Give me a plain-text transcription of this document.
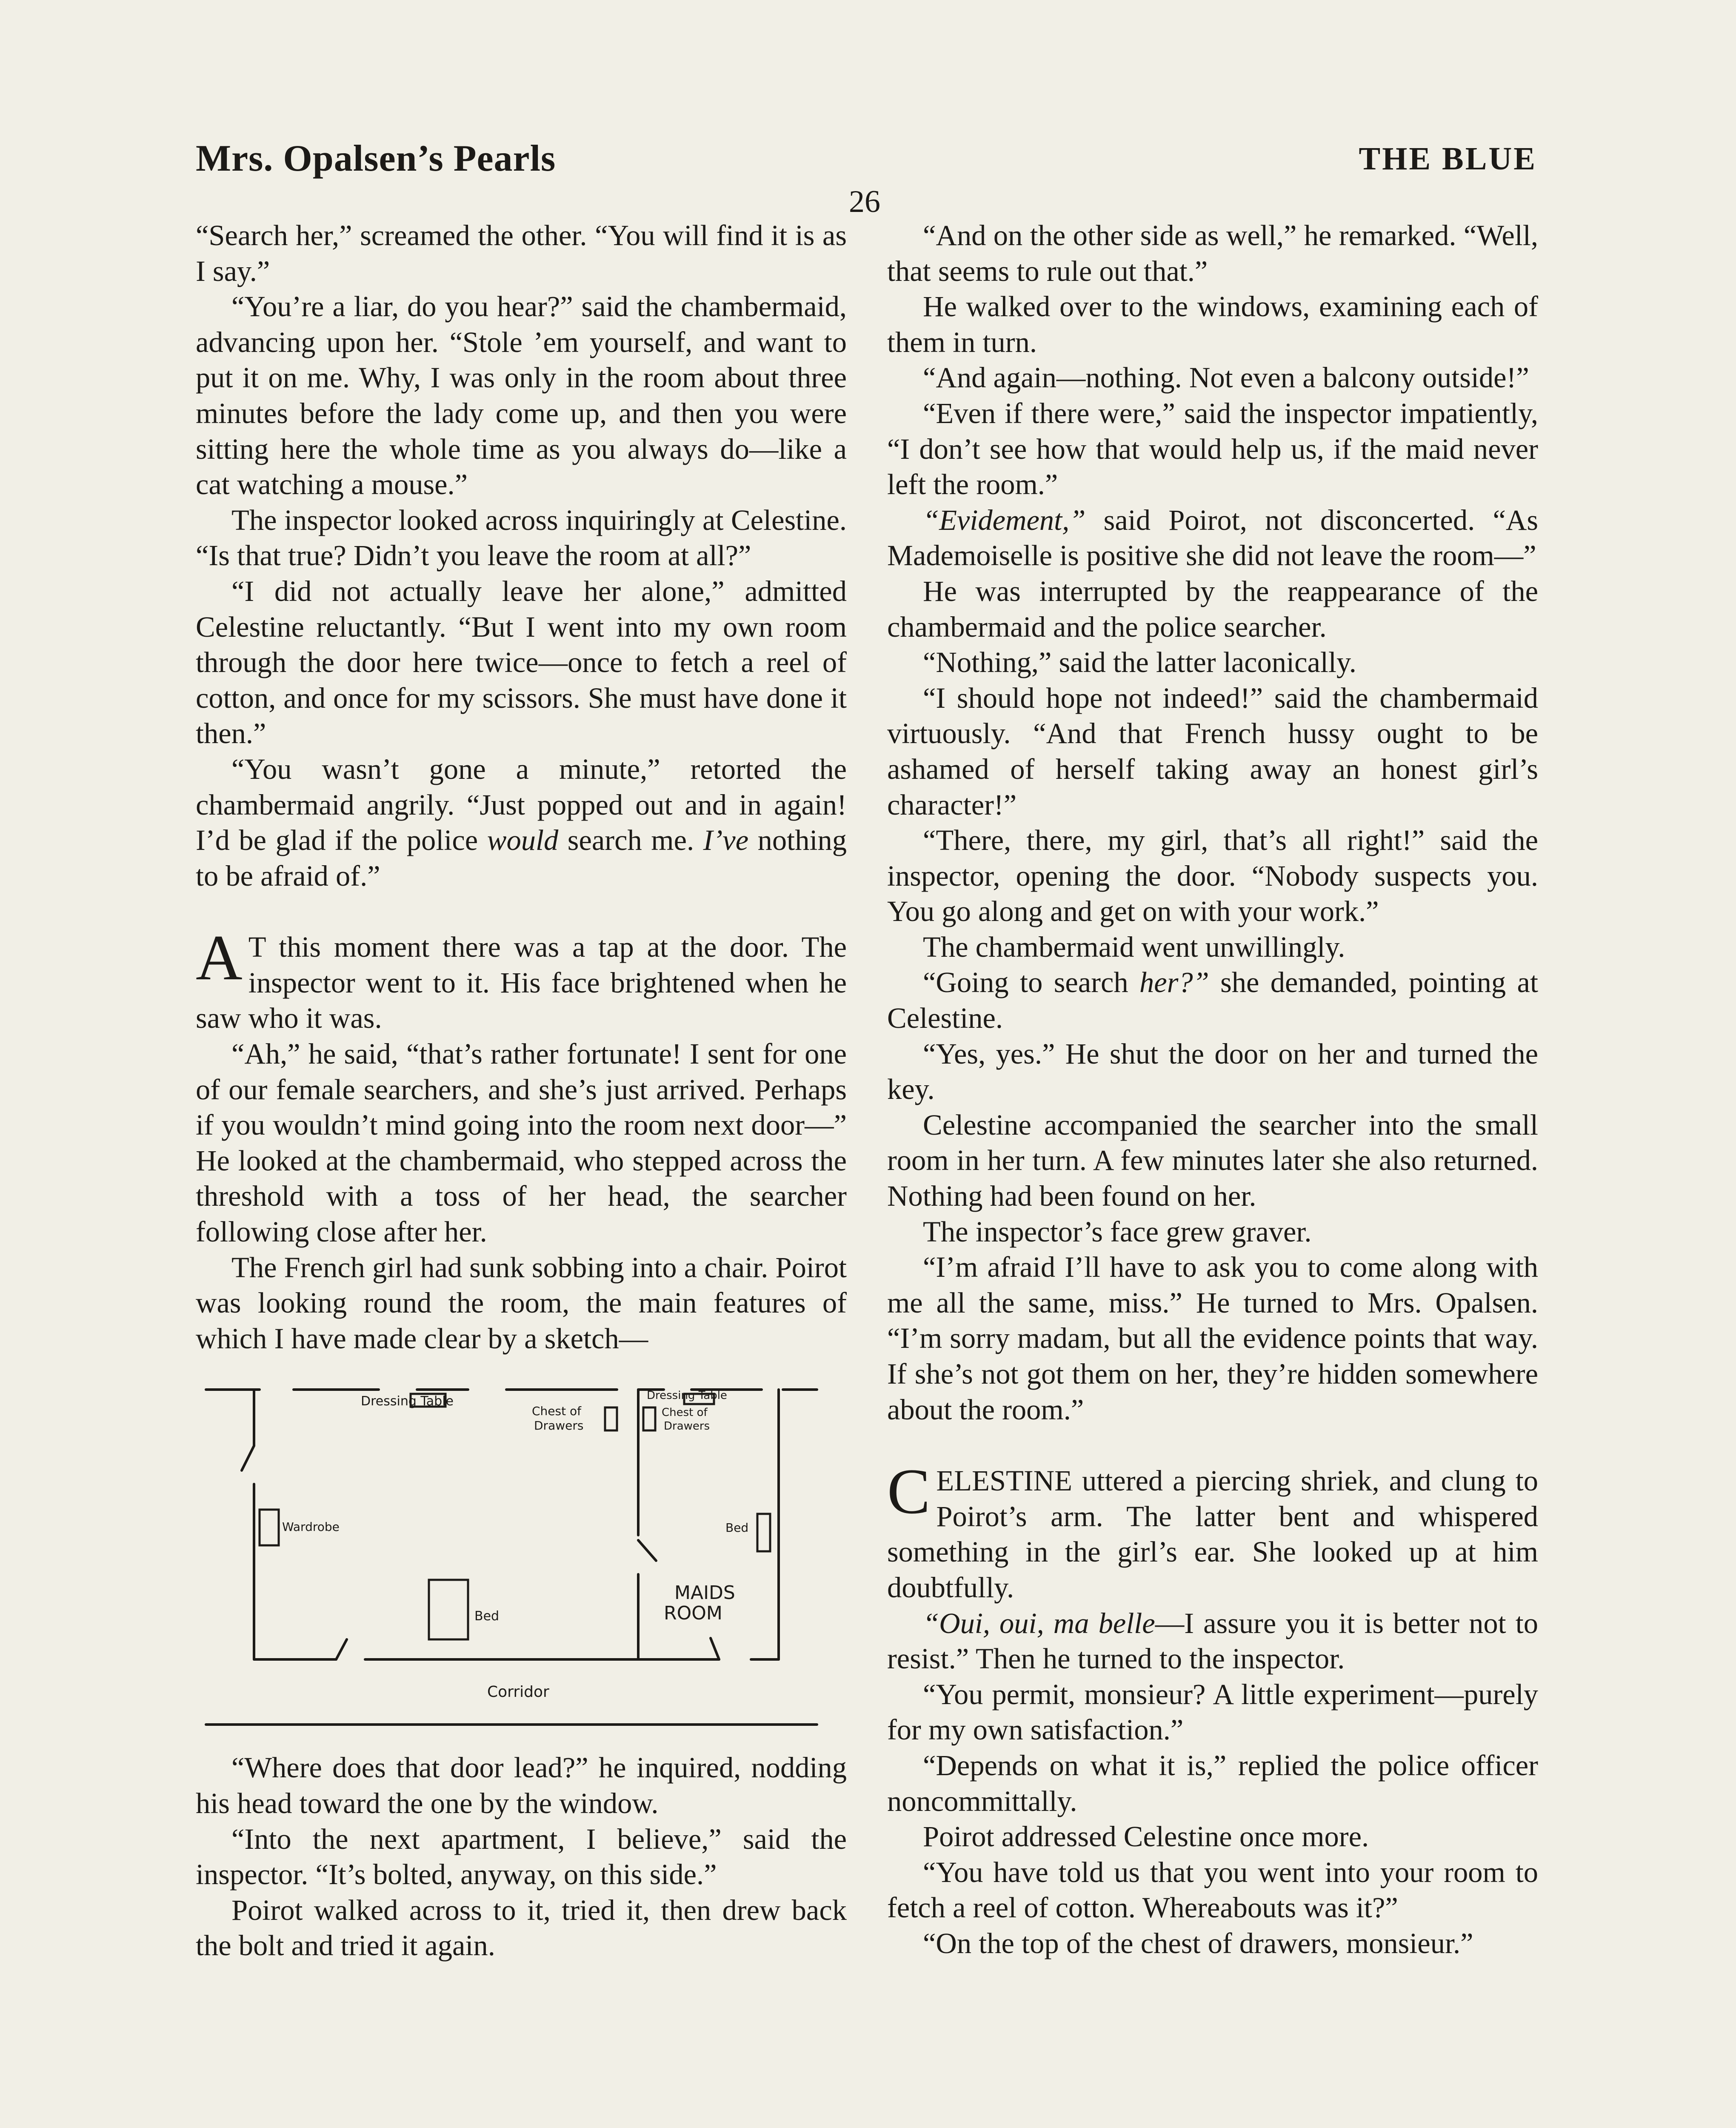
Mrs. Opalsen’s Pearls	THE BLUE
26

“Search her,” screamed the other. “You will find it is as I say.”

“You’re a liar, do you hear?” said the chambermaid, advancing upon her. “Stole ’em yourself, and want to put it on me. Why, I was only in the room about three minutes before the lady come up, and then you were sitting here the whole time as you always do—like a cat watching a mouse.”

The inspector looked across inquiringly at Celestine. “Is that true? Didn’t you leave the room at all?”

“I did not actually leave her alone,” admitted Celestine reluctantly. “But I went into my own room through the door here twice—once to fetch a reel of cotton, and once for my scissors. She must have done it then.”

“You wasn’t gone a minute,” retorted the chambermaid angrily. “Just popped out and in again! I’d be glad if the police would search me. I’ve nothing to be afraid of.”

A T this moment there was a tap at the door. The inspector went to it. His face brightened when he saw who it was.

“Ah,” he said, “that’s rather fortunate! I sent for one of our female searchers, and she’s just arrived. Perhaps if you wouldn’t mind going into the room next door—” He looked at the chambermaid, who stepped across the threshold with a toss of her head, the searcher following close after her.

The French girl had sunk sobbing into a chair. Poirot was looking round the room, the main features of which I have made clear by a sketch—

Dressing Table
Chest of
Drawers
Dressing Table
Chest of
Drawers
Wardrobe
Bed
Bed
MAIDS
ROOM
Corridor

“Where does that door lead?” he inquired, nodding his head toward the one by the window.

“Into the next apartment, I believe,” said the inspector. “It’s bolted, anyway, on this side.”

Poirot walked across to it, tried it, then drew back the bolt and tried it again.

“And on the other side as well,” he remarked. “Well, that seems to rule out that.”

He walked over to the windows, examining each of them in turn.

“And again—nothing. Not even a balcony outside!”

“Even if there were,” said the inspector impatiently, “I don’t see how that would help us, if the maid never left the room.”

“Evidement,” said Poirot, not disconcerted. “As Mademoiselle is positive she did not leave the room—”

He was interrupted by the reappearance of the chambermaid and the police searcher.

“Nothing,” said the latter laconically.

“I should hope not indeed!” said the chambermaid virtuously. “And that French hussy ought to be ashamed of herself taking away an honest girl’s character!”

“There, there, my girl, that’s all right!” said the inspector, opening the door. “Nobody suspects you. You go along and get on with your work.”

The chambermaid went unwillingly.

“Going to search her?” she demanded, pointing at Celestine.

“Yes, yes.” He shut the door on her and turned the key.

Celestine accompanied the searcher into the small room in her turn. A few minutes later she also returned. Nothing had been found on her.

The inspector’s face grew graver.

“I’m afraid I’ll have to ask you to come along with me all the same, miss.” He turned to Mrs. Opalsen. “I’m sorry madam, but all the evidence points that way. If she’s not got them on her, they’re hidden somewhere about the room.”

CELESTINE uttered a piercing shriek, and clung to Poirot’s arm. The latter bent and whispered something in the girl’s ear. She looked up at him doubtfully.

“Oui, oui, ma belle—I assure you it is better not to resist.” Then he turned to the inspector.

“You permit, monsieur? A little experiment—purely for my own satisfaction.”

“Depends on what it is,” replied the police officer noncommittally.

Poirot addressed Celestine once more.

“You have told us that you went into your room to fetch a reel of cotton. Whereabouts was it?”

“On the top of the chest of drawers, monsieur.”
